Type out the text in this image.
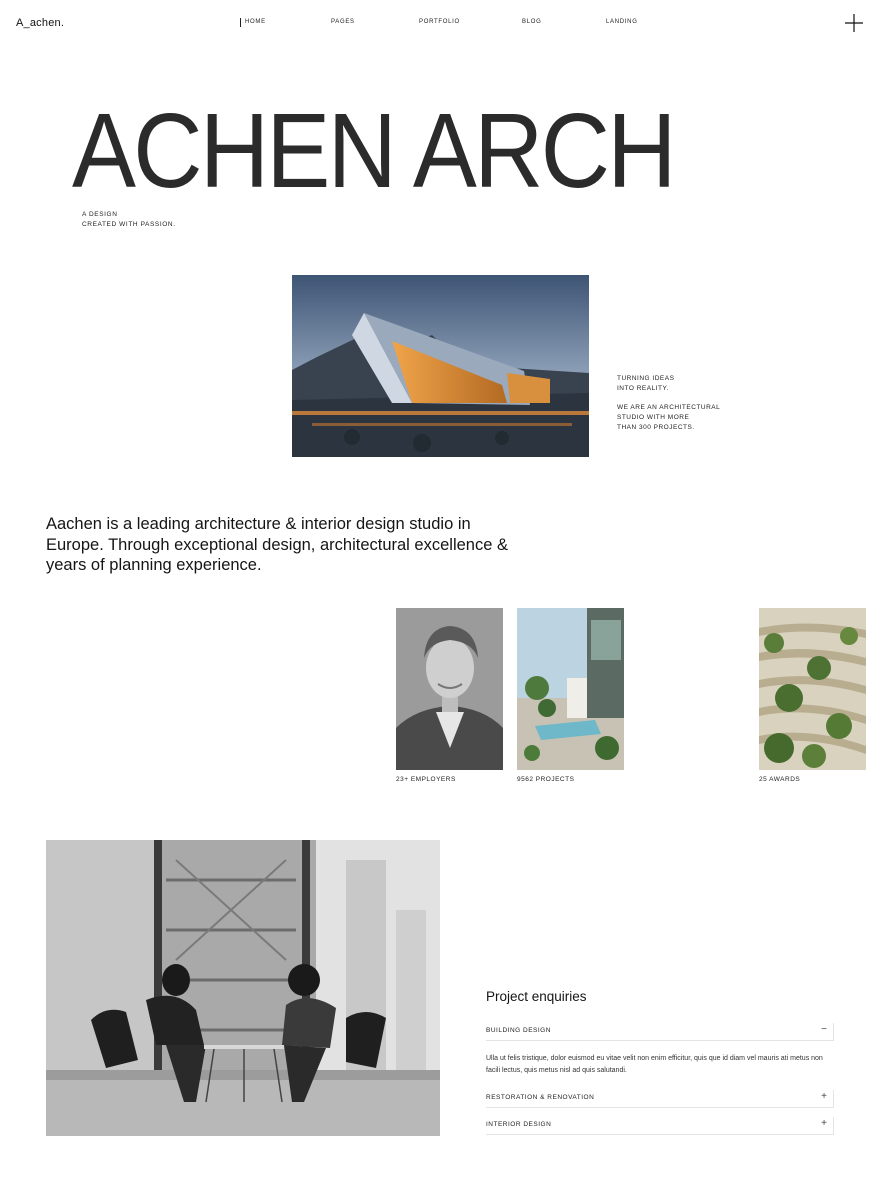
A_achen.	HOME	PAGES	PORTFOLIO	BLOG	LANDING
ACHEN ARCH
A DESIGN
CREATED WITH PASSION.

TURNING IDEAS
INTO REALITY.

WE ARE AN ARCHITECTURAL
STUDIO WITH MORE
THAN 300 PROJECTS.

Aachen is a leading architecture & interior design studio in Europe. Through exceptional design, architectural excellence & years of planning experience.
23+ EMPLOYERS	9562 PROJECTS	25 AWARDS
Project enquiries
BUILDING DESIGN	−
Ulla ut felis tristique, dolor euismod eu vitae velit non enim efficitur, quis que id diam vel mauris ati metus non facili lectus, quis metus nisl ad quis salutandi.
RESTORATION & RENOVATION	+
INTERIOR DESIGN	+
